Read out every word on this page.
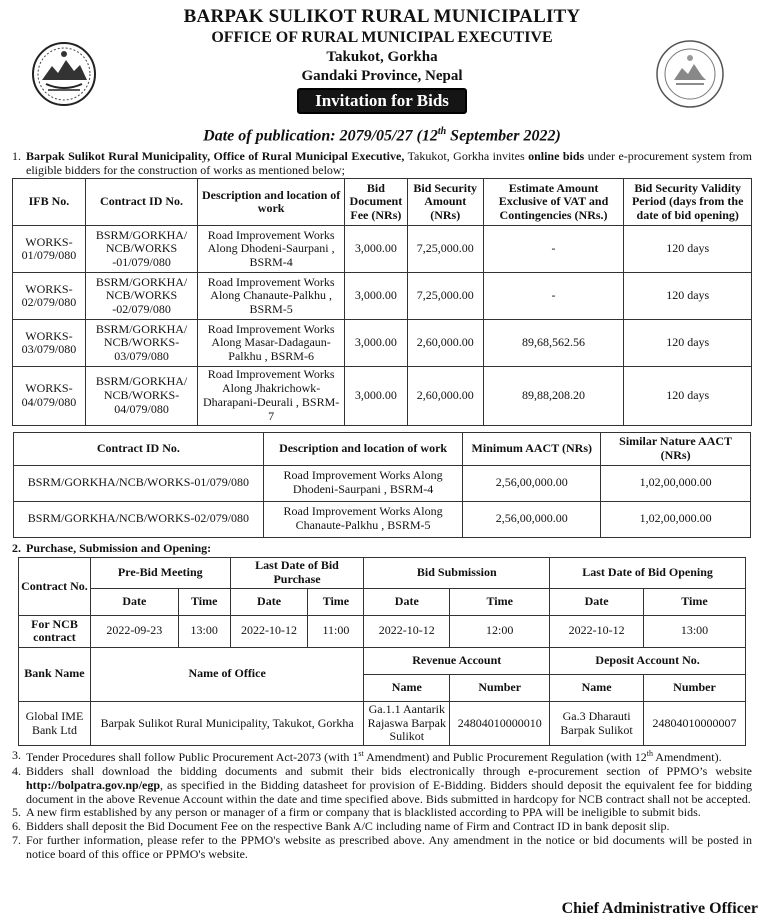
BARPAK SULIKOT RURAL MUNICIPALITY
OFFICE OF RURAL MUNICIPAL EXECUTIVE
Takukot, Gorkha
Gandaki Province, Nepal
Invitation for Bids
Date of publication: 2079/05/27 (12th September 2022)
1. Barpak Sulikot Rural Municipality, Office of Rural Municipal Executive, Takukot, Gorkha invites online bids under e-procurement system from eligible bidders for the construction of works as mentioned below;
IFB No.	Contract ID No.	Description and location of work	Bid Document Fee (NRs)	Bid Security Amount (NRs)	Estimate Amount Exclusive of VAT and Contingencies (NRs.)	Bid Security Validity Period (days from the date of bid opening)
WORKS-01/079/080	BSRM/GORKHA/ NCB/WORKS -01/079/080	Road Improvement Works Along Dhodeni-Saurpani , BSRM-4	3,000.00	7,25,000.00	-	120 days
WORKS-02/079/080	BSRM/GORKHA/ NCB/WORKS -02/079/080	Road Improvement Works Along Chanaute-Palkhu , BSRM-5	3,000.00	7,25,000.00	-	120 days
WORKS-03/079/080	BSRM/GORKHA/ NCB/WORKS-03/079/080	Road Improvement Works Along Masar-Dadagaun-Palkhu , BSRM-6	3,000.00	2,60,000.00	89,68,562.56	120 days
WORKS-04/079/080	BSRM/GORKHA/ NCB/WORKS-04/079/080	Road Improvement Works Along Jhakrichowk-Dharapani-Deurali , BSRM-7	3,000.00	2,60,000.00	89,88,208.20	120 days
Contract ID No.	Description and location of work	Minimum AACT (NRs)	Similar Nature AACT (NRs)
BSRM/GORKHA/NCB/WORKS-01/079/080	Road Improvement Works Along Dhodeni-Saurpani , BSRM-4	2,56,00,000.00	1,02,00,000.00
BSRM/GORKHA/NCB/WORKS-02/079/080	Road Improvement Works Along Chanaute-Palkhu , BSRM-5	2,56,00,000.00	1,02,00,000.00
2. Purchase, Submission and Opening:
Contract No.	Pre-Bid Meeting		Last Date of Bid Purchase		Bid Submission		Last Date of Bid Opening	
	Date	Time	Date	Time	Date	Time	Date	Time
For NCB contract	2022-09-23	13:00	2022-10-12	11:00	2022-10-12	12:00	2022-10-12	13:00
Bank Name	Name of Office				Revenue Account		Deposit Account No.	
					Name	Number	Name	Number
Global IME Bank Ltd	Barpak Sulikot Rural Municipality, Takukot, Gorkha				Ga.1.1 Aantarik Rajaswa Barpak Sulikot	24804010000010	Ga.3 Dharauti Barpak Sulikot	24804010000007
3. Tender Procedures shall follow Public Procurement Act-2073 (with 1st Amendment) and Public Procurement Regulation (with 12th Amendment).
4. Bidders shall download the bidding documents and submit their bids electronically through e-procurement section of PPMO’s website http://bolpatra.gov.np/egp, as specified in the Bidding datasheet for provision of E-Bidding. Bidders should deposit the equivalent fee for bidding document in the above Revenue Account within the date and time specified above. Bids submitted in hardcopy for NCB contract shall not be accepted.
5. A new firm established by any person or manager of a firm or company that is blacklisted according to PPA will be ineligible to submit bids.
6. Bidders shall deposit the Bid Document Fee on the respective Bank A/C including name of Firm and Contract ID in bank deposit slip.
7. For further information, please refer to the PPMO's website as prescribed above. Any amendment in the notice or bid documents will be posted in notice board of this office or PPMO's website.
Chief Administrative Officer
